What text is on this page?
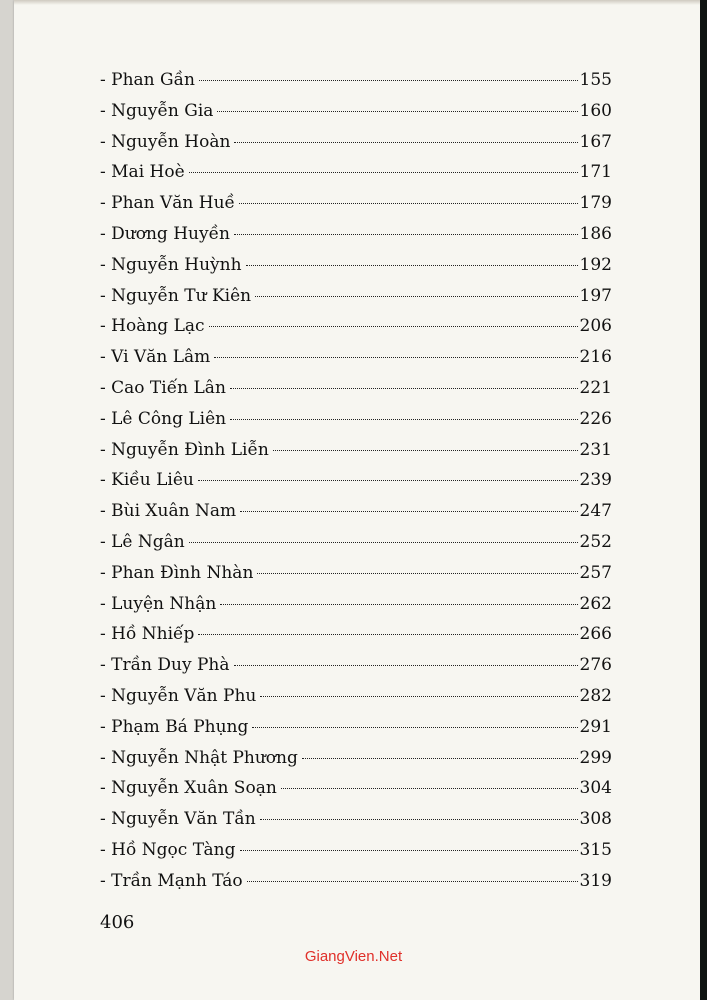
- Phan Gần	155
- Nguyễn Gia	160
- Nguyễn Hoàn	167
- Mai Hoè	171
- Phan Văn Huề	179
- Dương Huyền	186
- Nguyễn Huỳnh	192
- Nguyễn Tư Kiên	197
- Hoàng Lạc	206
- Vi Văn Lâm	216
- Cao Tiến Lân	221
- Lê Công Liên	226
- Nguyễn Đình Liễn	231
- Kiều Liêu	239
- Bùi Xuân Nam	247
- Lê Ngân	252
- Phan Đình Nhàn	257
- Luyện Nhận	262
- Hồ Nhiếp	266
- Trần Duy Phà	276
- Nguyễn Văn Phu	282
- Phạm Bá Phụng	291
- Nguyễn Nhật Phương	299
- Nguyễn Xuân Soạn	304
- Nguyễn Văn Tần	308
- Hồ Ngọc Tàng	315
- Trần Mạnh Táo	319
406
GiangVien.Net
